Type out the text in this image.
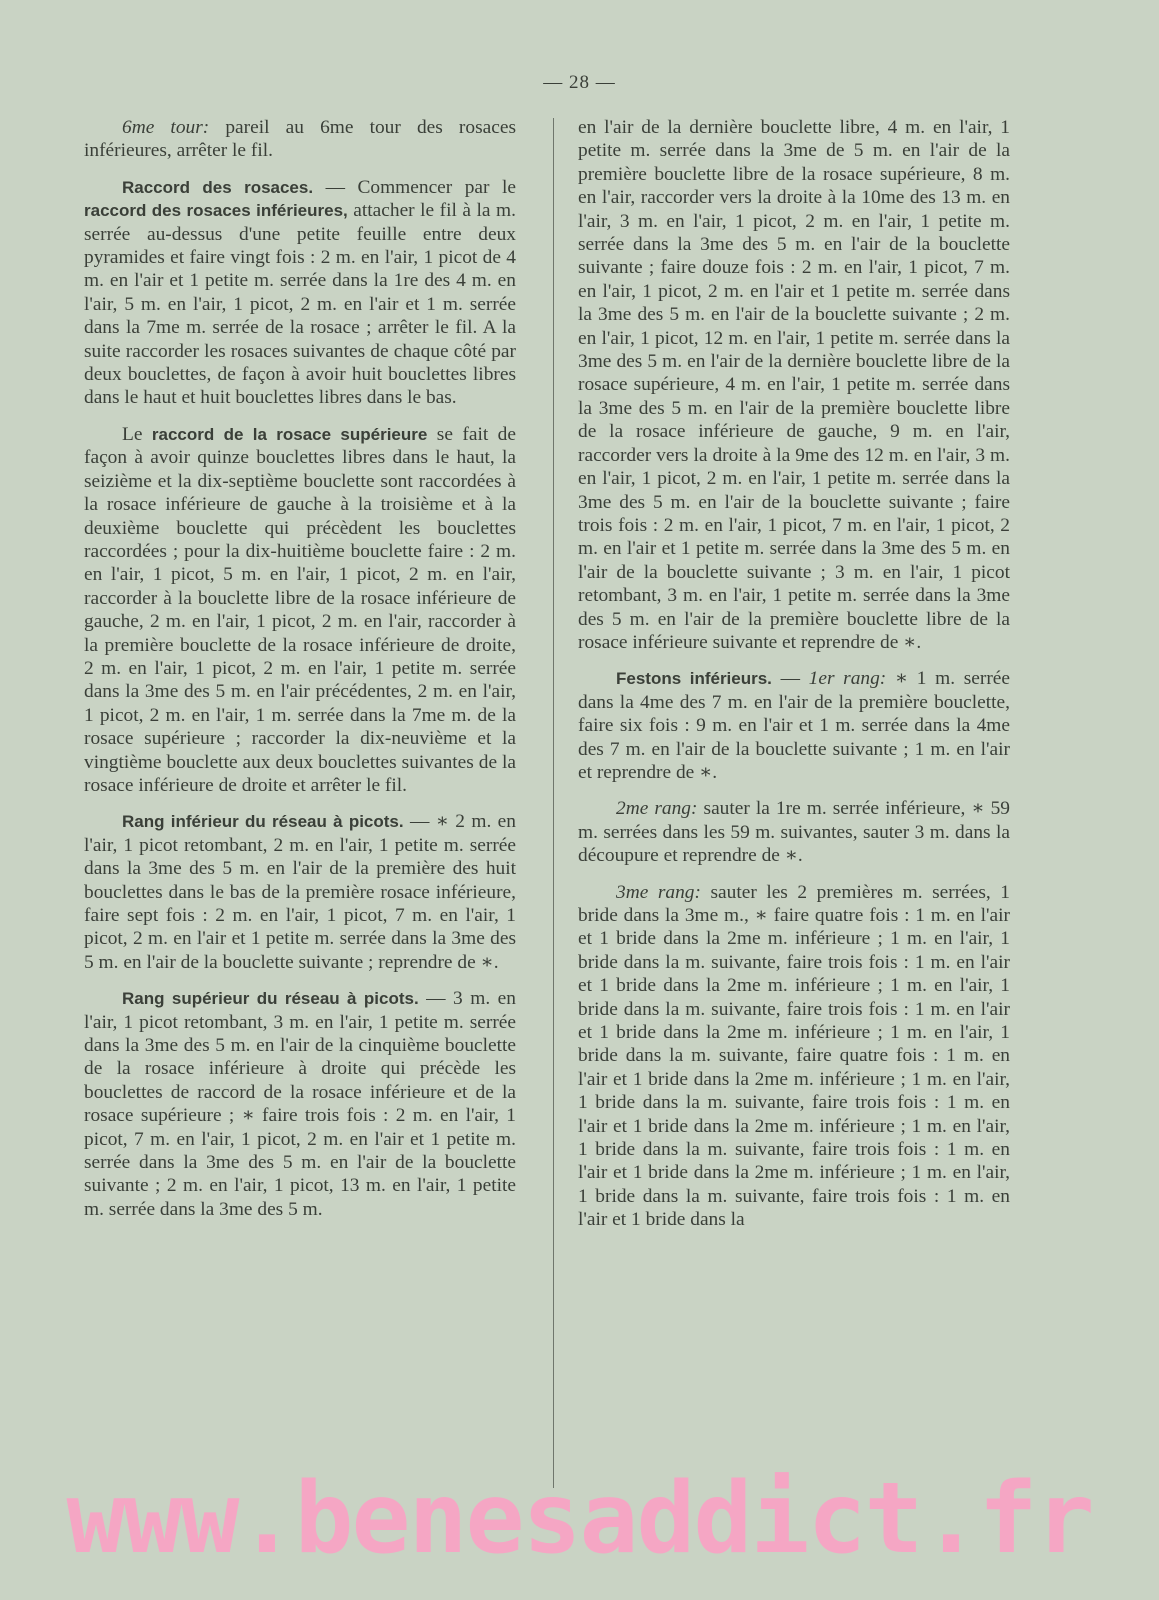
— 28 —

6me tour: pareil au 6me tour des rosaces inférieures, arrêter le fil.

Raccord des rosaces. — Commencer par le raccord des rosaces inférieures, attacher le fil à la m. serrée au-dessus d'une petite feuille entre deux pyramides et faire vingt fois : 2 m. en l'air, 1 picot de 4 m. en l'air et 1 petite m. serrée dans la 1re des 4 m. en l'air, 5 m. en l'air, 1 picot, 2 m. en l'air et 1 m. serrée dans la 7me m. serrée de la rosace ; arrêter le fil. A la suite raccorder les rosaces suivantes de chaque côté par deux bouclettes, de façon à avoir huit bouclettes libres dans le haut et huit bouclettes libres dans le bas.

Le raccord de la rosace supérieure se fait de façon à avoir quinze bouclettes libres dans le haut, la seizième et la dix-septième bouclette sont raccordées à la rosace inférieure de gauche à la troisième et à la deuxième bouclette qui précèdent les bouclettes raccordées ; pour la dix-huitième bouclette faire : 2 m. en l'air, 1 picot, 5 m. en l'air, 1 picot, 2 m. en l'air, raccorder à la bouclette libre de la rosace inférieure de gauche, 2 m. en l'air, 1 picot, 2 m. en l'air, raccorder à la première bouclette de la rosace inférieure de droite, 2 m. en l'air, 1 picot, 2 m. en l'air, 1 petite m. serrée dans la 3me des 5 m. en l'air précédentes, 2 m. en l'air, 1 picot, 2 m. en l'air, 1 m. serrée dans la 7me m. de la rosace supérieure ; raccorder la dix-neuvième et la vingtième bouclette aux deux bouclettes suivantes de la rosace inférieure de droite et arrêter le fil.

Rang inférieur du réseau à picots. — ∗ 2 m. en l'air, 1 picot retombant, 2 m. en l'air, 1 petite m. serrée dans la 3me des 5 m. en l'air de la première des huit bouclettes dans le bas de la première rosace inférieure, faire sept fois : 2 m. en l'air, 1 picot, 7 m. en l'air, 1 picot, 2 m. en l'air et 1 petite m. serrée dans la 3me des 5 m. en l'air de la bouclette suivante ; reprendre de ∗.

Rang supérieur du réseau à picots. — 3 m. en l'air, 1 picot retombant, 3 m. en l'air, 1 petite m. serrée dans la 3me des 5 m. en l'air de la cinquième bouclette de la rosace inférieure à droite qui précède les bouclettes de raccord de la rosace inférieure et de la rosace supérieure ; ∗ faire trois fois : 2 m. en l'air, 1 picot, 7 m. en l'air, 1 picot, 2 m. en l'air et 1 petite m. serrée dans la 3me des 5 m. en l'air de la bouclette suivante ; 2 m. en l'air, 1 picot, 13 m. en l'air, 1 petite m. serrée dans la 3me des 5 m.

en l'air de la dernière bouclette libre, 4 m. en l'air, 1 petite m. serrée dans la 3me de 5 m. en l'air de la première bouclette libre de la rosace supérieure, 8 m. en l'air, raccorder vers la droite à la 10me des 13 m. en l'air, 3 m. en l'air, 1 picot, 2 m. en l'air, 1 petite m. serrée dans la 3me des 5 m. en l'air de la bouclette suivante ; faire douze fois : 2 m. en l'air, 1 picot, 7 m. en l'air, 1 picot, 2 m. en l'air et 1 petite m. serrée dans la 3me des 5 m. en l'air de la bouclette suivante ; 2 m. en l'air, 1 picot, 12 m. en l'air, 1 petite m. serrée dans la 3me des 5 m. en l'air de la dernière bouclette libre de la rosace supérieure, 4 m. en l'air, 1 petite m. serrée dans la 3me des 5 m. en l'air de la première bouclette libre de la rosace inférieure de gauche, 9 m. en l'air, raccorder vers la droite à la 9me des 12 m. en l'air, 3 m. en l'air, 1 picot, 2 m. en l'air, 1 petite m. serrée dans la 3me des 5 m. en l'air de la bouclette suivante ; faire trois fois : 2 m. en l'air, 1 picot, 7 m. en l'air, 1 picot, 2 m. en l'air et 1 petite m. serrée dans la 3me des 5 m. en l'air de la bouclette suivante ; 3 m. en l'air, 1 picot retombant, 3 m. en l'air, 1 petite m. serrée dans la 3me des 5 m. en l'air de la première bouclette libre de la rosace inférieure suivante et reprendre de ∗.

Festons inférieurs. — 1er rang: ∗ 1 m. serrée dans la 4me des 7 m. en l'air de la première bouclette, faire six fois : 9 m. en l'air et 1 m. serrée dans la 4me des 7 m. en l'air de la bouclette suivante ; 1 m. en l'air et reprendre de ∗.

2me rang: sauter la 1re m. serrée inférieure, ∗ 59 m. serrées dans les 59 m. suivantes, sauter 3 m. dans la découpure et reprendre de ∗.

3me rang: sauter les 2 premières m. serrées, 1 bride dans la 3me m., ∗ faire quatre fois : 1 m. en l'air et 1 bride dans la 2me m. inférieure ; 1 m. en l'air, 1 bride dans la m. suivante, faire trois fois : 1 m. en l'air et 1 bride dans la 2me m. inférieure ; 1 m. en l'air, 1 bride dans la m. suivante, faire trois fois : 1 m. en l'air et 1 bride dans la 2me m. inférieure ; 1 m. en l'air, 1 bride dans la m. suivante, faire quatre fois : 1 m. en l'air et 1 bride dans la 2me m. inférieure ; 1 m. en l'air, 1 bride dans la m. suivante, faire trois fois : 1 m. en l'air et 1 bride dans la 2me m. inférieure ; 1 m. en l'air, 1 bride dans la m. suivante, faire trois fois : 1 m. en l'air et 1 bride dans la 2me m. inférieure ; 1 m. en l'air, 1 bride dans la m. suivante, faire trois fois : 1 m. en l'air et 1 bride dans la

www.benesaddict.fr
